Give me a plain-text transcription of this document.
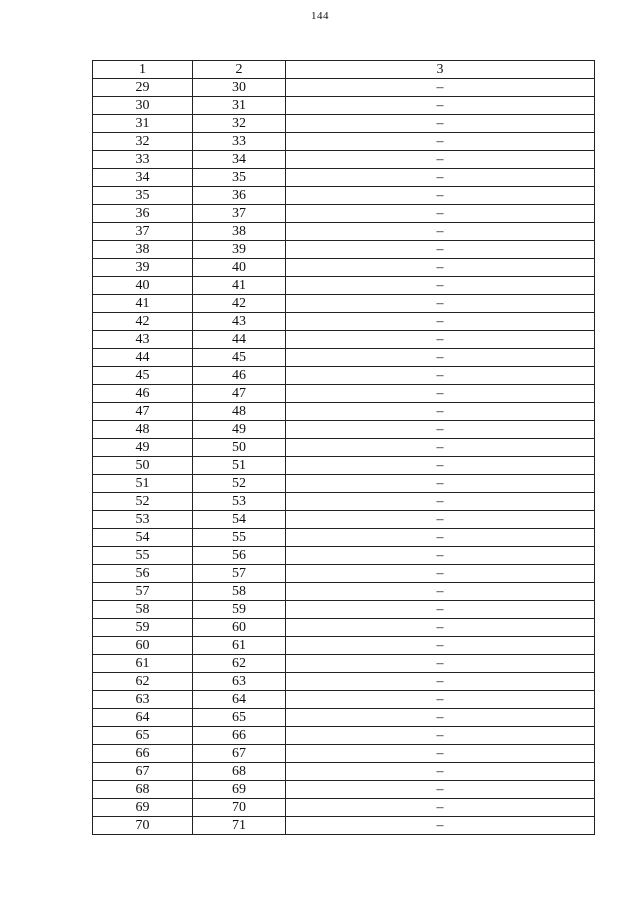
144
1	2	3
29	30	–
30	31	–
31	32	–
32	33	–
33	34	–
34	35	–
35	36	–
36	37	–
37	38	–
38	39	–
39	40	–
40	41	–
41	42	–
42	43	–
43	44	–
44	45	–
45	46	–
46	47	–
47	48	–
48	49	–
49	50	–
50	51	–
51	52	–
52	53	–
53	54	–
54	55	–
55	56	–
56	57	–
57	58	–
58	59	–
59	60	–
60	61	–
61	62	–
62	63	–
63	64	–
64	65	–
65	66	–
66	67	–
67	68	–
68	69	–
69	70	–
70	71	–
